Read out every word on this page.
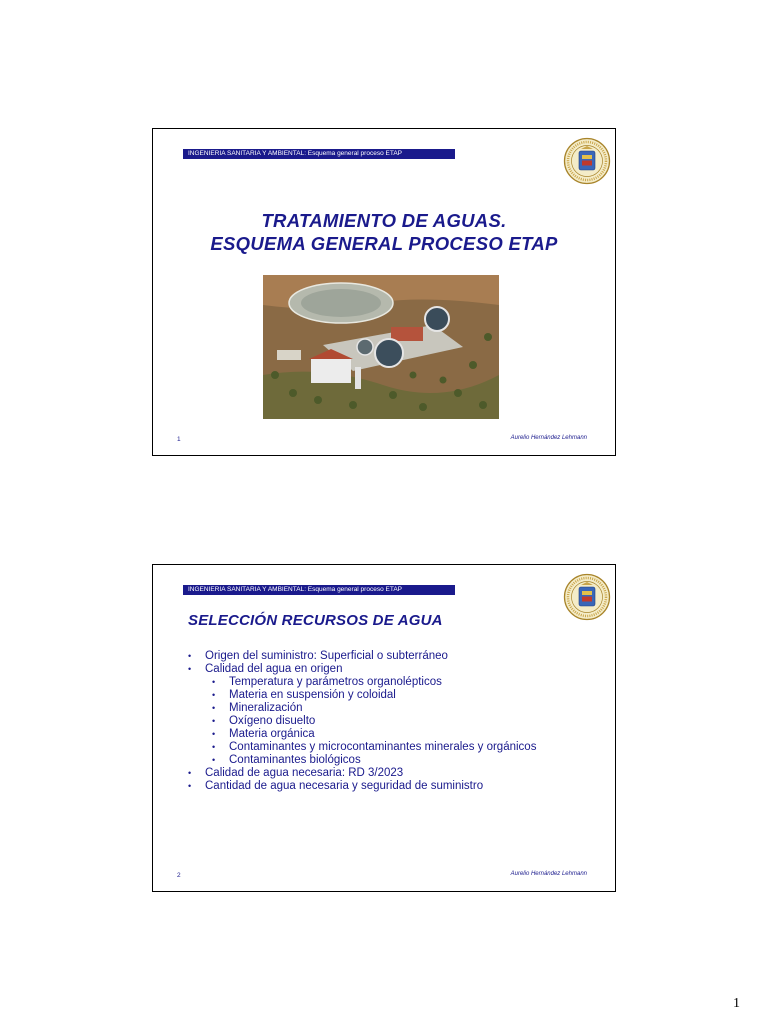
INGENIERIA SANITARIA Y AMBIENTAL: Esquema general proceso ETAP
TRATAMIENTO DE AGUAS.
ESQUEMA GENERAL PROCESO ETAP
1	Aurelio Hernández Lehmann
INGENIERIA SANITARIA Y AMBIENTAL: Esquema general proceso ETAP
SELECCIÓN RECURSOS DE AGUA
• Origen del suministro: Superficial o subterráneo
• Calidad del agua en origen
• Temperatura y parámetros organolépticos
• Materia en suspensión y coloidal
• Mineralización
• Oxígeno disuelto
• Materia orgánica
• Contaminantes y microcontaminantes minerales y orgánicos
• Contaminantes biológicos
• Calidad de agua necesaria: RD 3/2023
• Cantidad de agua necesaria y seguridad de suministro
2	Aurelio Hernández Lehmann
1
